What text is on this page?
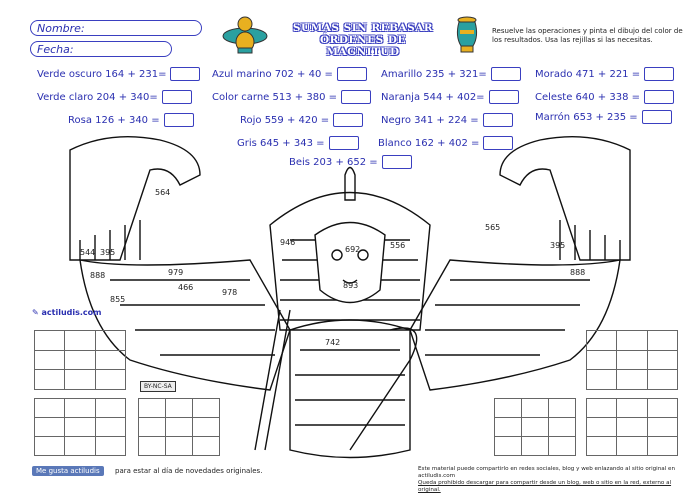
Nombre:
Fecha:
SUMAS SIN REBASAR
ÓRDENES DE MAGNITUD
Resuelve las operaciones y pinta el dibujo del color de los resultados. Usa las rejillas si las necesitas.
Verde oscuro 164 + 231=	Azul marino 702 + 40 =	Amarillo 235 + 321=	Morado 471 + 221 =
Verde claro 204 + 340=	Color carne 513 + 380 =	Naranja 544 + 402=	Celeste 640 + 338 =
Rosa 126 + 340 =	Rojo 559 + 420 =	Negro 341 + 224 =	Marrón 653 + 235 =
Gris 645 + 343 =	Blanco 162 + 402 =
Beis 203 + 652 =
564
544 395
888	979
466
855
978
946	556
692
893
742
565
395
888
✎ actiludis.com

BY-NC-SA
Me gusta actiludis	para estar al día de novedades originales.	Este material puede compartirlo en redes sociales, blog y web enlazando al sitio original en actiludis.com
Queda prohibido descargar para compartir desde un blog, web o sitio en la red, externo al original.
